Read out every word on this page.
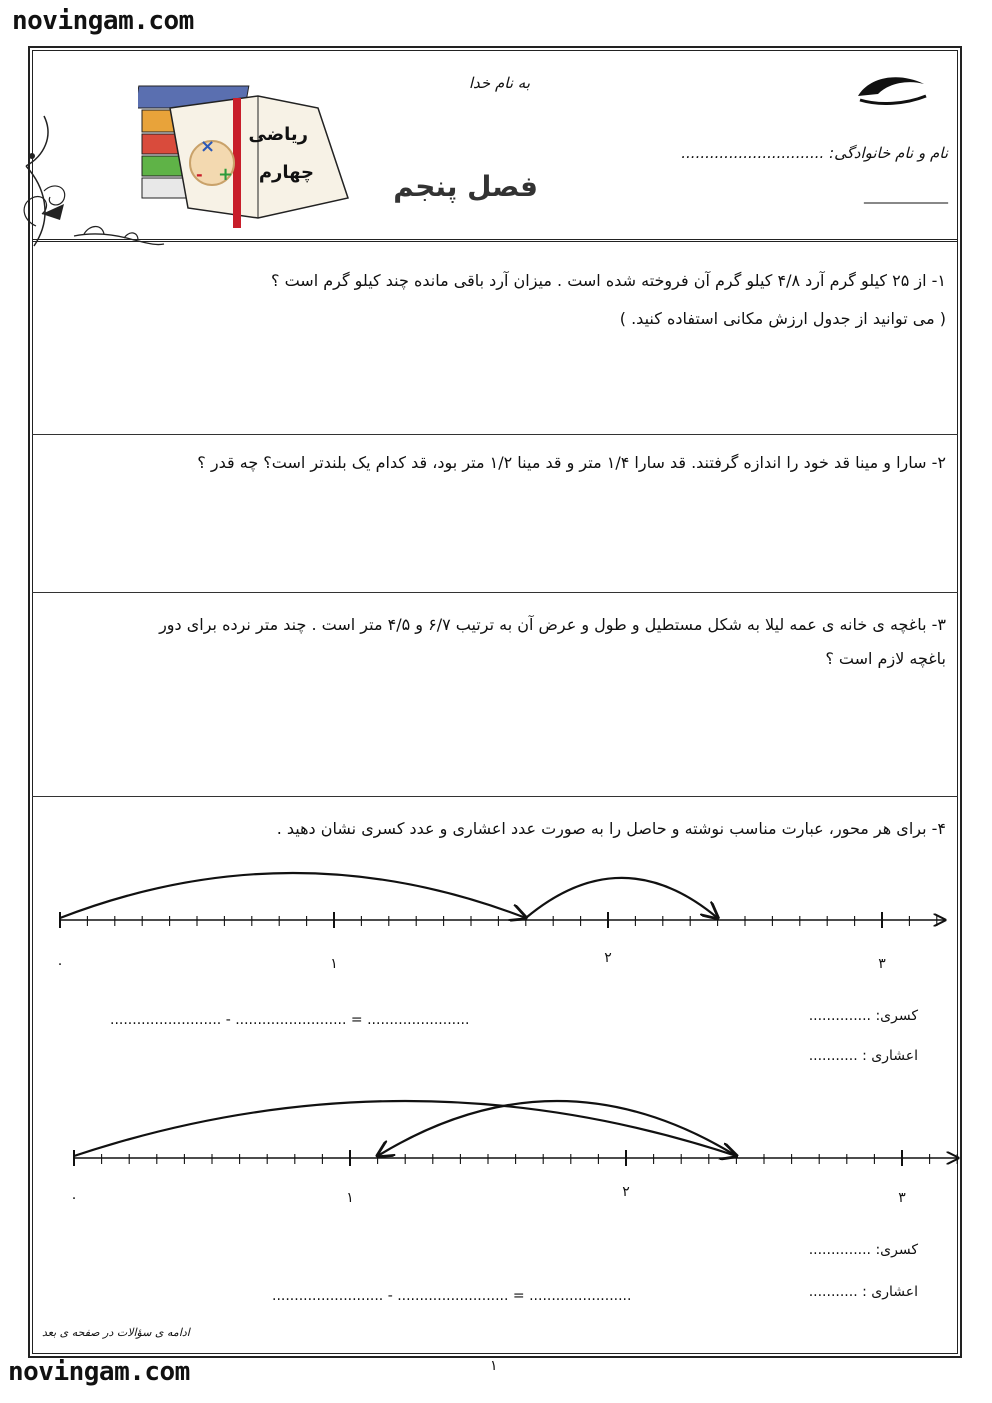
novingam.com
novingam.com
×
+
-
ریاضی
چهارم
به نام خدا
فصل پنجم
نام و نام خانوادگی: ..............................
____________
۱- از ۲۵ کیلو گرم آرد ۴/۸ کیلو گرم آن فروخته شده است . میزان آرد باقی مانده چند کیلو گرم است ؟
( می توانید از جدول ارزش مکانی استفاده کنید. )
۲- سارا و مینا قد خود را اندازه گرفتند. قد سارا ۱/۴ متر و قد مینا ۱/۲ متر بود، قد کدام یک بلندتر است؟ چه قدر ؟
۳- باغچه ی خانه ی عمه لیلا به شکل مستطیل و طول و عرض آن به ترتیب ۶/۷ و ۴/۵ متر است . چند متر نرده برای دور
باغچه لازم است ؟
۴- برای هر محور، عبارت مناسب نوشته و حاصل را به صورت عدد اعشاری و عدد کسری نشان دهید .
۰	۱	۲	۳
کسری: ..............
......................... - ......................... = .......................
اعشاری : ...........
۰	۱	۲	۳
کسری: ..............
اعشاری : ...........
......................... - ......................... = .......................
ادامه ی سؤالات در صفحه ی بعد
۱
